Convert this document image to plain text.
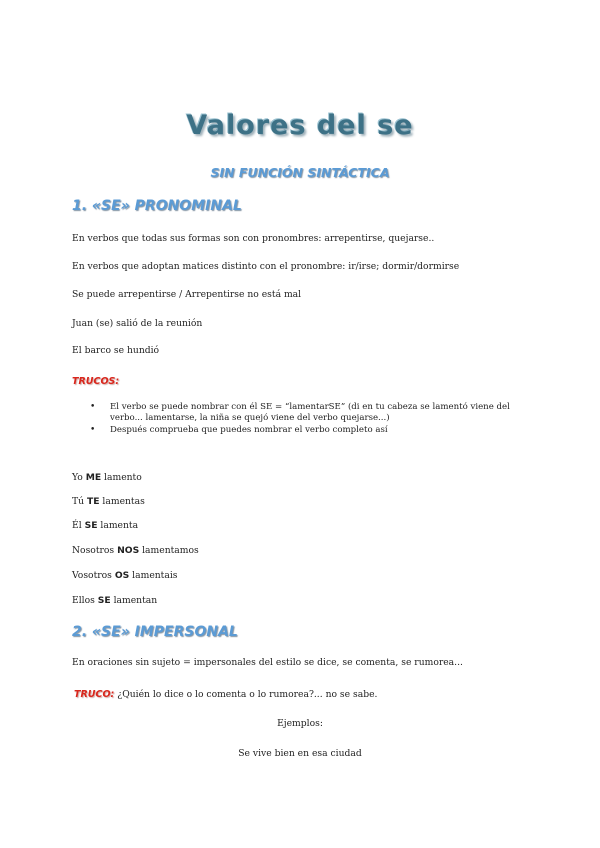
Valores del se
SIN FUNCIÓN SINTÁCTICA
1. «SE» PRONOMINAL
En verbos que todas sus formas son con pronombres: arrepentirse, quejarse..
En verbos que adoptan matices distinto con el pronombre: ir/irse; dormir/dormirse
Se puede arrepentirse / Arrepentirse no está mal
Juan (se) salió de la reunión
El barco se hundió
TRUCOS:
• El verbo se puede nombrar con él SE = “lamentarSE” (di en tu cabeza se lamentó viene del verbo... lamentarse, la niña se quejó viene del verbo quejarse...)
• Después comprueba que puedes nombrar el verbo completo así
Yo ME lamento
Tú TE lamentas
Él SE lamenta
Nosotros NOS lamentamos
Vosotros OS lamentais
Ellos SE lamentan
2. «SE» IMPERSONAL
En oraciones sin sujeto = impersonales del estilo se dice, se comenta, se rumorea...
TRUCO: ¿Quién lo dice o lo comenta o lo rumorea?... no se sabe.
Ejemplos:
Se vive bien en esa ciudad
